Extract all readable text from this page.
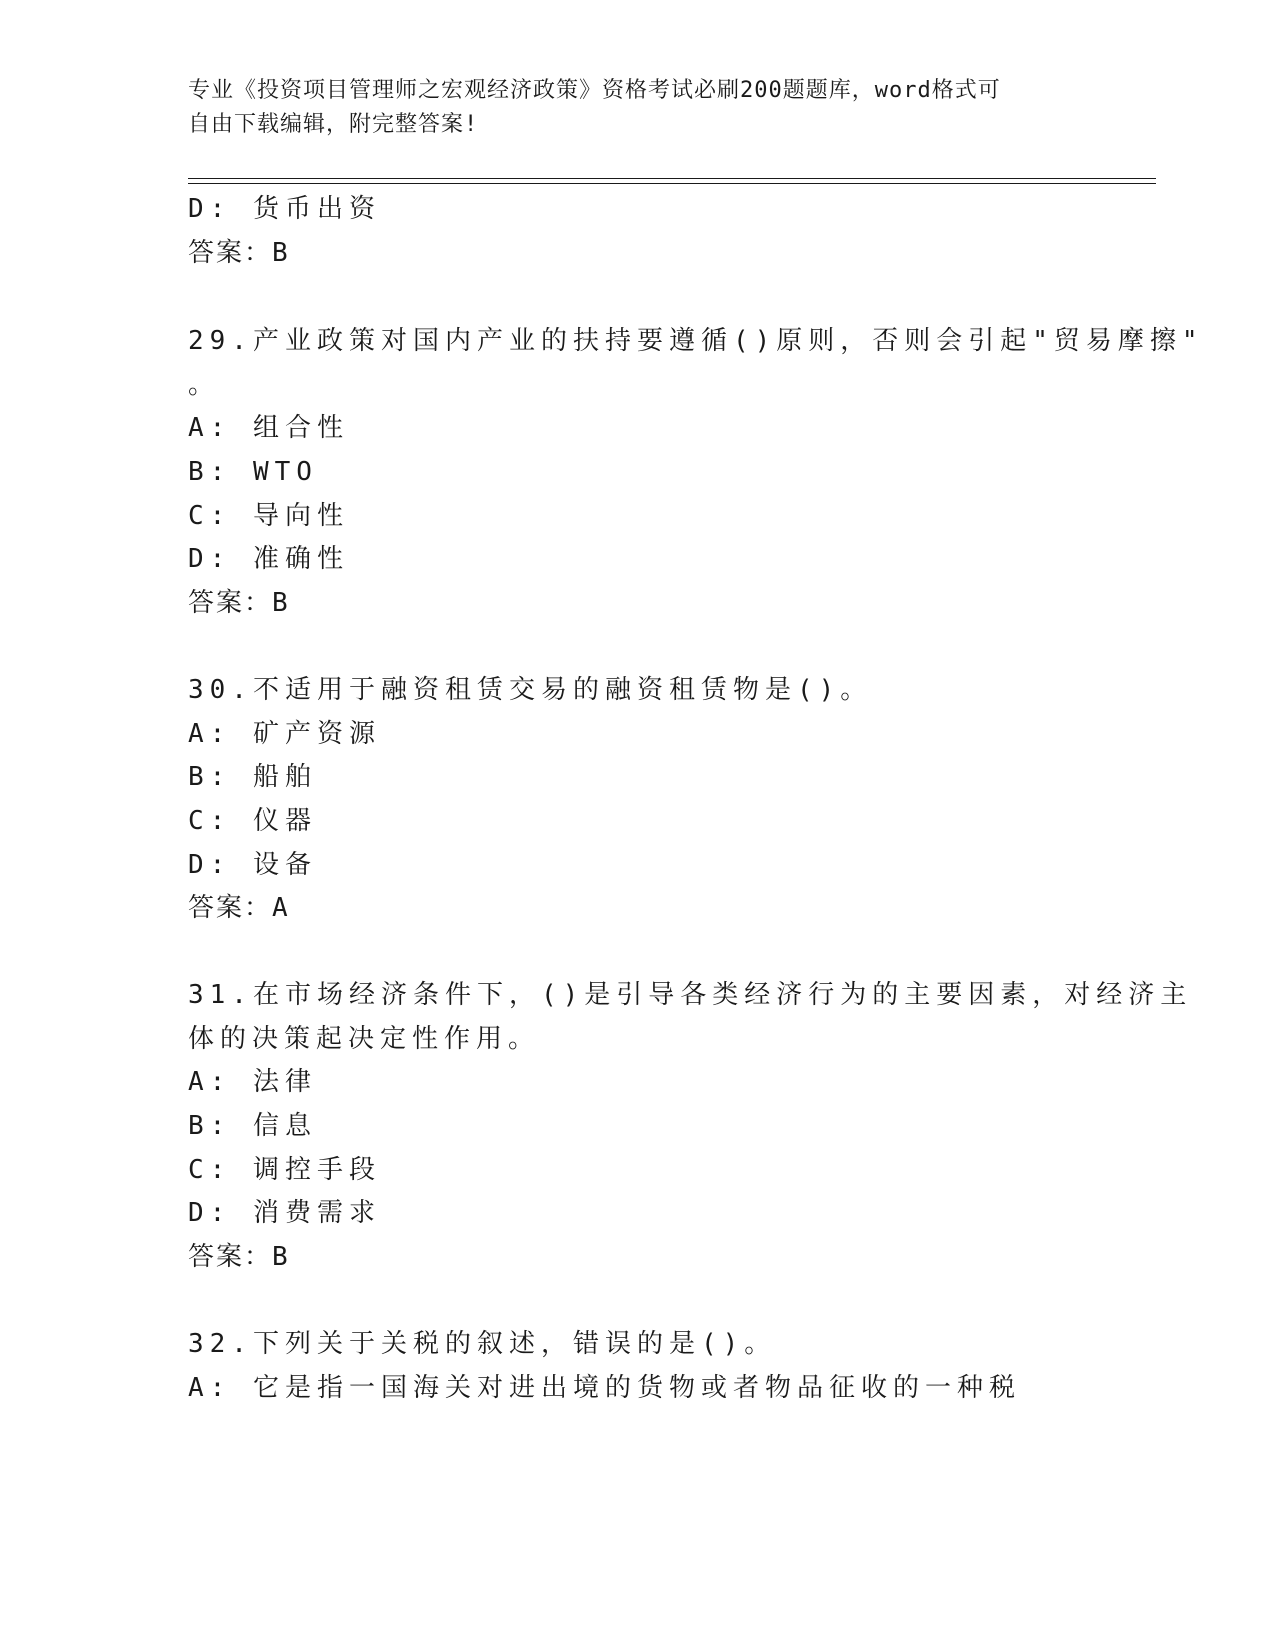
专业《投资项目管理师之宏观经济政策》资格考试必刷200题题库，word格式可
自由下载编辑，附完整答案!
D: 货币出资
答案：B
29.产业政策对国内产业的扶持要遵循()原则，否则会引起"贸易摩擦"
。
A: 组合性
B: WTO
C: 导向性
D: 准确性
答案：B
30.不适用于融资租赁交易的融资租赁物是()。
A: 矿产资源
B: 船舶
C: 仪器
D: 设备
答案：A
31.在市场经济条件下，()是引导各类经济行为的主要因素，对经济主
体的决策起决定性作用。
A: 法律
B: 信息
C: 调控手段
D: 消费需求
答案：B
32.下列关于关税的叙述，错误的是()。
A: 它是指一国海关对进出境的货物或者物品征收的一种税
